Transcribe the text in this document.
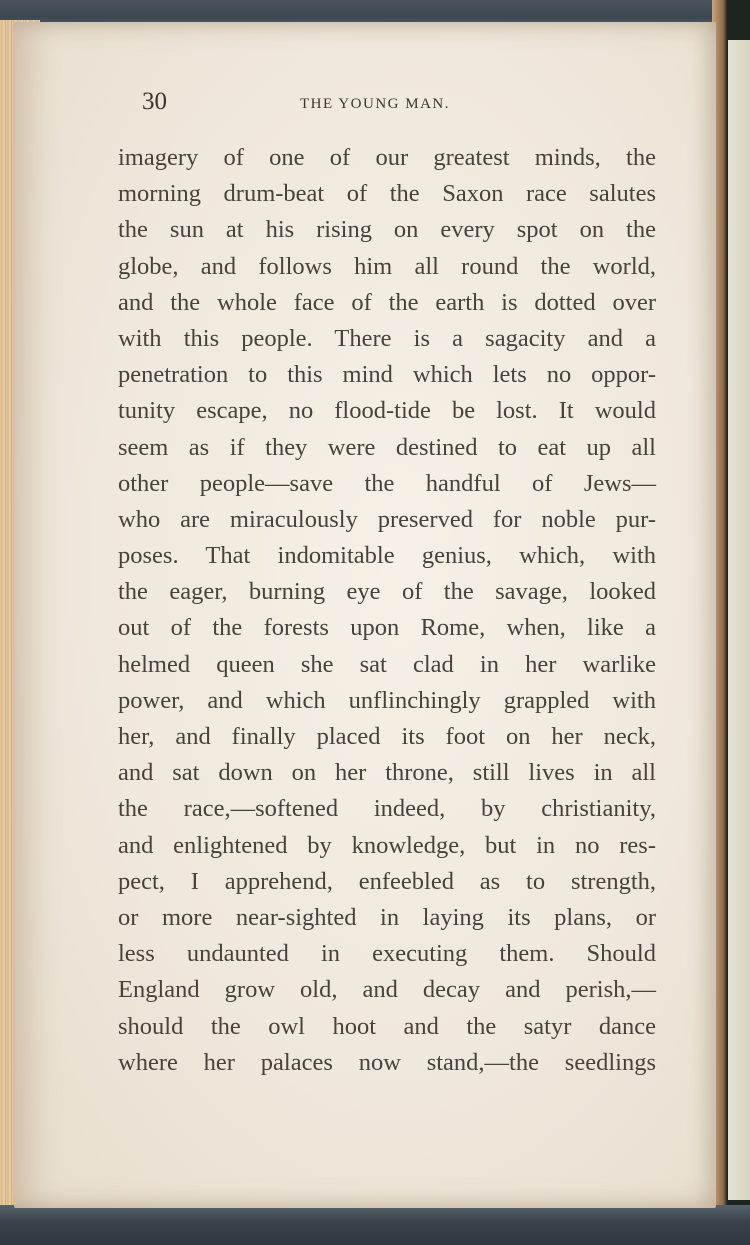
30	THE YOUNG MAN.
imagery of one of our greatest minds, the
morning drum-beat of the Saxon race salutes
the sun at his rising on every spot on the
globe, and follows him all round the world,
and the whole face of the earth is dotted over
with this people. There is a sagacity and a
penetration to this mind which lets no oppor-
tunity escape, no flood-tide be lost. It would
seem as if they were destined to eat up all
other people—save the handful of Jews—
who are miraculously preserved for noble pur-
poses. That indomitable genius, which, with
the eager, burning eye of the savage, looked
out of the forests upon Rome, when, like a
helmed queen she sat clad in her warlike
power, and which unflinchingly grappled with
her, and finally placed its foot on her neck,
and sat down on her throne, still lives in all
the race,—softened indeed, by christianity,
and enlightened by knowledge, but in no res-
pect, I apprehend, enfeebled as to strength,
or more near-sighted in laying its plans, or
less undaunted in executing them. Should
England grow old, and decay and perish,—
should the owl hoot and the satyr dance
where her palaces now stand,—the seedlings
